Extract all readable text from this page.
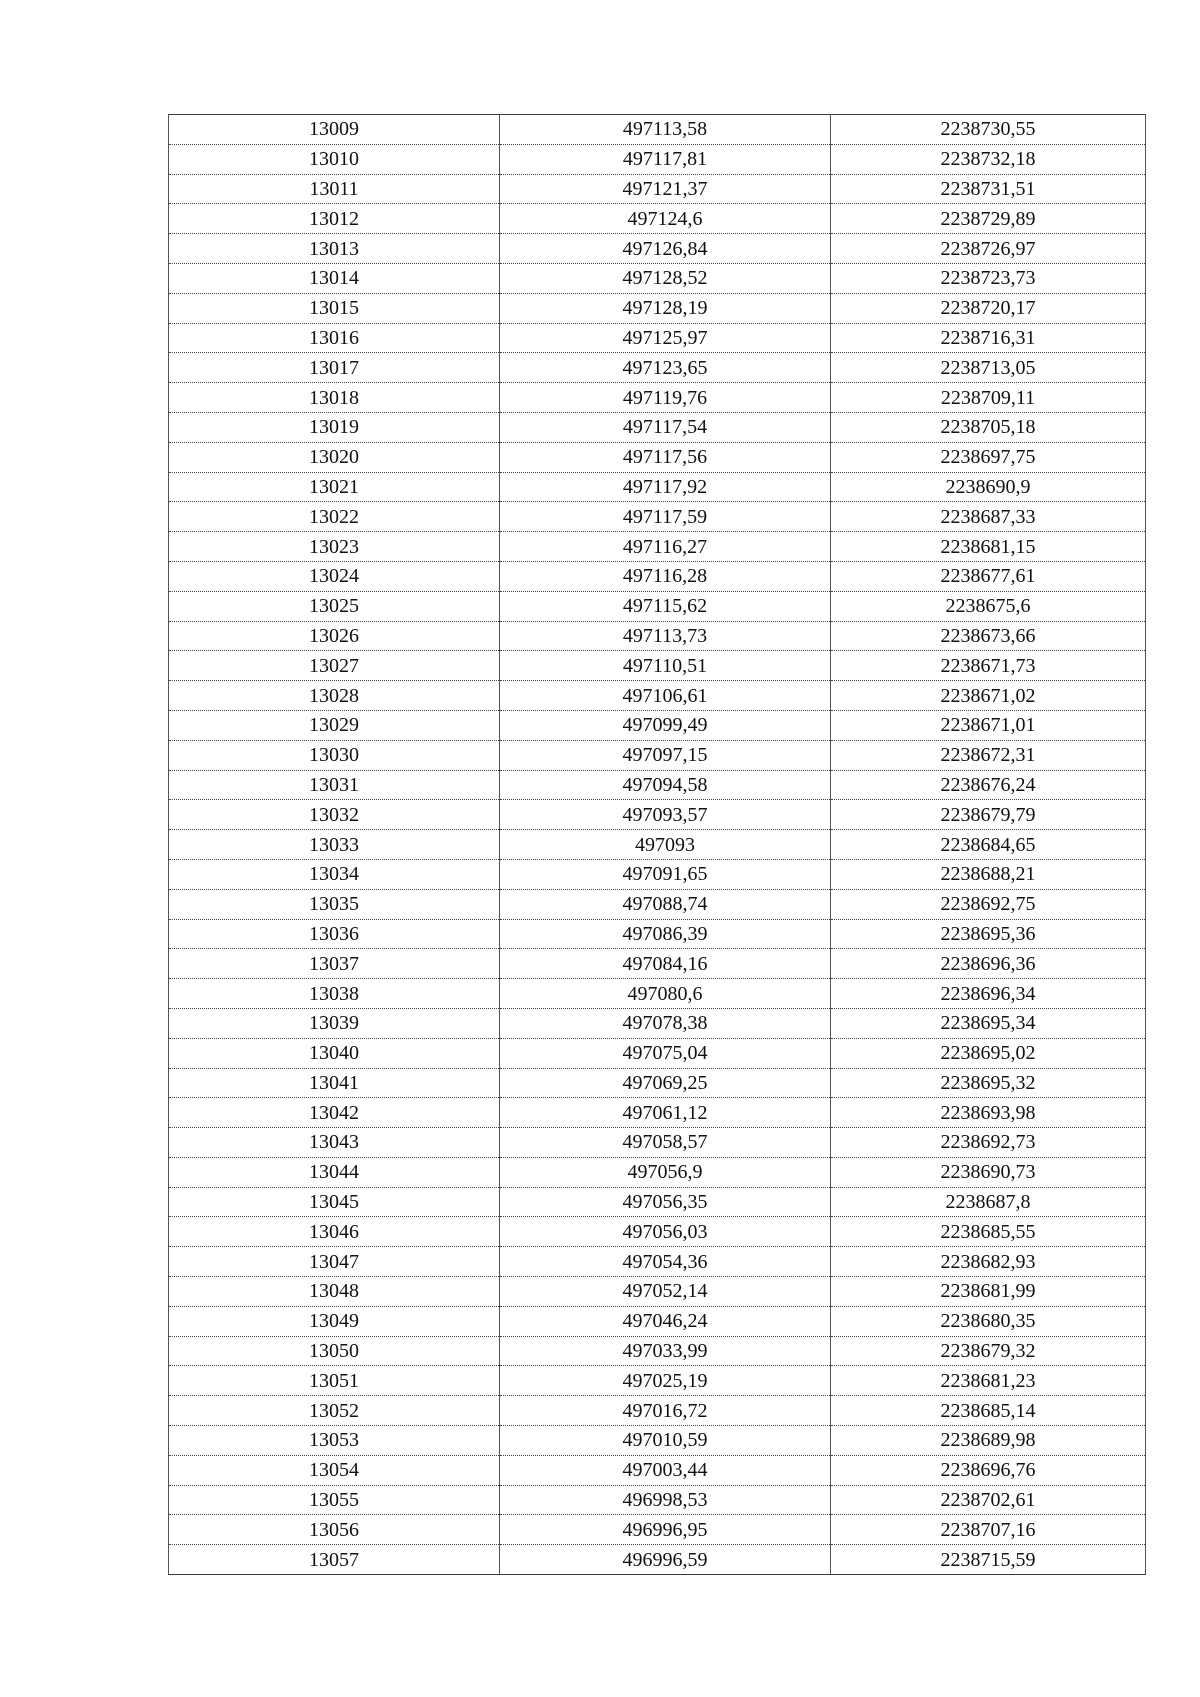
13009	497113,58	2238730,55
13010	497117,81	2238732,18
13011	497121,37	2238731,51
13012	497124,6	2238729,89
13013	497126,84	2238726,97
13014	497128,52	2238723,73
13015	497128,19	2238720,17
13016	497125,97	2238716,31
13017	497123,65	2238713,05
13018	497119,76	2238709,11
13019	497117,54	2238705,18
13020	497117,56	2238697,75
13021	497117,92	2238690,9
13022	497117,59	2238687,33
13023	497116,27	2238681,15
13024	497116,28	2238677,61
13025	497115,62	2238675,6
13026	497113,73	2238673,66
13027	497110,51	2238671,73
13028	497106,61	2238671,02
13029	497099,49	2238671,01
13030	497097,15	2238672,31
13031	497094,58	2238676,24
13032	497093,57	2238679,79
13033	497093	2238684,65
13034	497091,65	2238688,21
13035	497088,74	2238692,75
13036	497086,39	2238695,36
13037	497084,16	2238696,36
13038	497080,6	2238696,34
13039	497078,38	2238695,34
13040	497075,04	2238695,02
13041	497069,25	2238695,32
13042	497061,12	2238693,98
13043	497058,57	2238692,73
13044	497056,9	2238690,73
13045	497056,35	2238687,8
13046	497056,03	2238685,55
13047	497054,36	2238682,93
13048	497052,14	2238681,99
13049	497046,24	2238680,35
13050	497033,99	2238679,32
13051	497025,19	2238681,23
13052	497016,72	2238685,14
13053	497010,59	2238689,98
13054	497003,44	2238696,76
13055	496998,53	2238702,61
13056	496996,95	2238707,16
13057	496996,59	2238715,59
